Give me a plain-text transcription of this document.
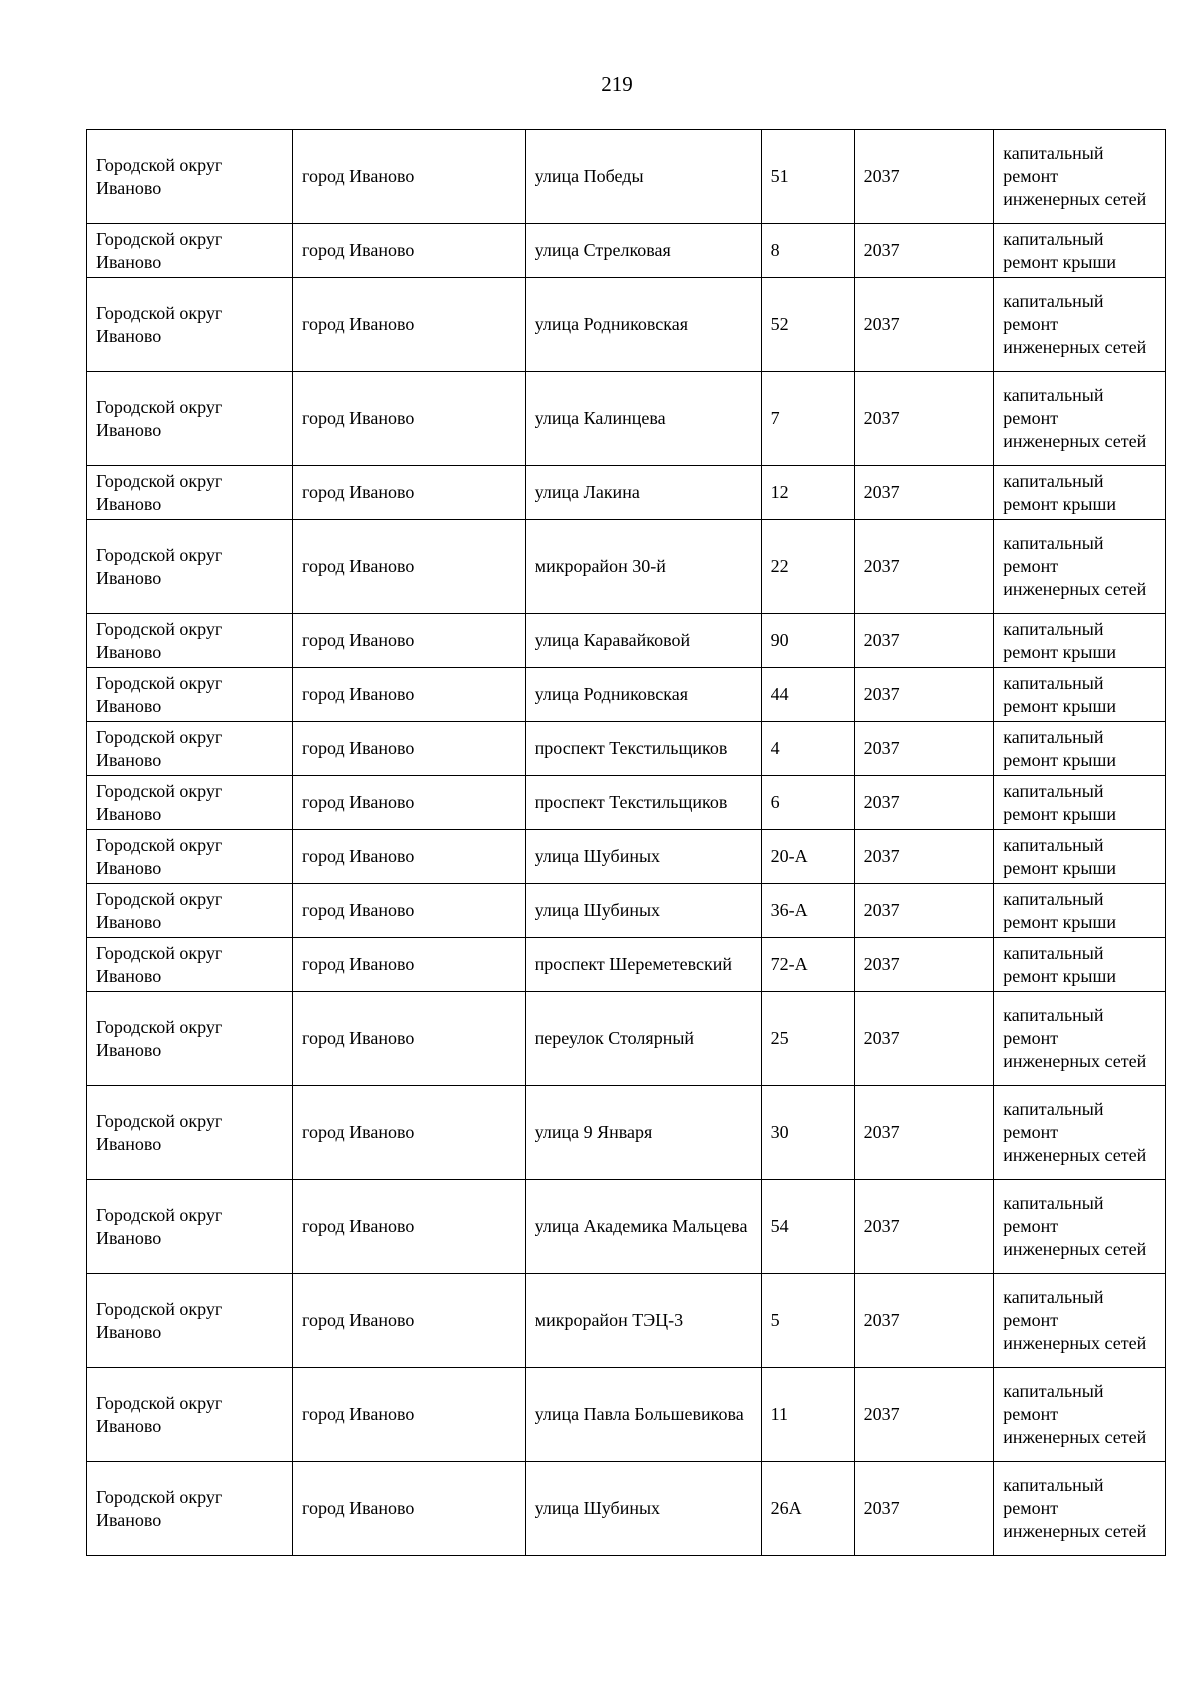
219
Городской округ Иваново	город Иваново	улица Победы	51	2037	капитальный ремонт инженерных сетей
Городской округ Иваново	город Иваново	улица Стрелковая	8	2037	капитальный ремонт крыши
Городской округ Иваново	город Иваново	улица Родниковская	52	2037	капитальный ремонт инженерных сетей
Городской округ Иваново	город Иваново	улица Калинцева	7	2037	капитальный ремонт инженерных сетей
Городской округ Иваново	город Иваново	улица Лакина	12	2037	капитальный ремонт крыши
Городской округ Иваново	город Иваново	микрорайон 30-й	22	2037	капитальный ремонт инженерных сетей
Городской округ Иваново	город Иваново	улица Каравайковой	90	2037	капитальный ремонт крыши
Городской округ Иваново	город Иваново	улица Родниковская	44	2037	капитальный ремонт крыши
Городской округ Иваново	город Иваново	проспект Текстильщиков	4	2037	капитальный ремонт крыши
Городской округ Иваново	город Иваново	проспект Текстильщиков	6	2037	капитальный ремонт крыши
Городской округ Иваново	город Иваново	улица Шубиных	20-А	2037	капитальный ремонт крыши
Городской округ Иваново	город Иваново	улица Шубиных	36-А	2037	капитальный ремонт крыши
Городской округ Иваново	город Иваново	проспект Шереметевский	72-А	2037	капитальный ремонт крыши
Городской округ Иваново	город Иваново	переулок Столярный	25	2037	капитальный ремонт инженерных сетей
Городской округ Иваново	город Иваново	улица 9 Января	30	2037	капитальный ремонт инженерных сетей
Городской округ Иваново	город Иваново	улица Академика Мальцева	54	2037	капитальный ремонт инженерных сетей
Городской округ Иваново	город Иваново	микрорайон ТЭЦ-3	5	2037	капитальный ремонт инженерных сетей
Городской округ Иваново	город Иваново	улица Павла Большевикова	11	2037	капитальный ремонт инженерных сетей
Городской округ Иваново	город Иваново	улица Шубиных	26А	2037	капитальный ремонт инженерных сетей
